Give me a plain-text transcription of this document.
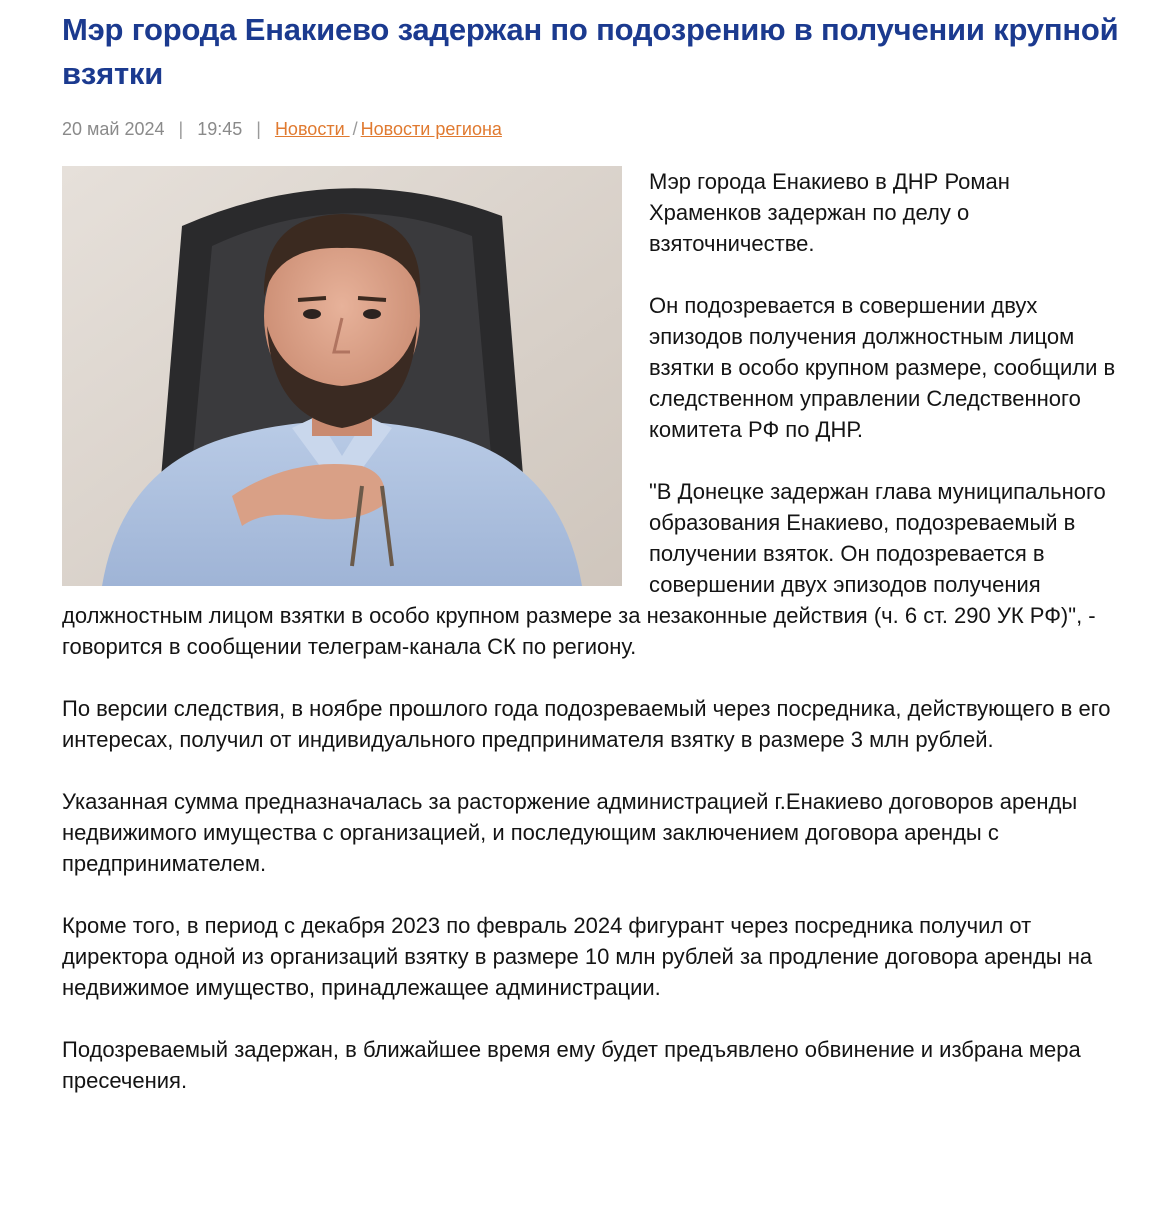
Мэр города Енакиево задержан по подозрению в получении крупной взятки
20 май 2024 | 19:45 | Новости / Новости региона

Мэр города Енакиево в ДНР Роман Храменков задержан по делу о взяточничестве.

Он подозревается в совершении двух эпизодов получения должностным лицом взятки в особо крупном размере, сообщили в следственном управлении Следственного комитета РФ по ДНР.

"В Донецке задержан глава муниципального образования Енакиево, подозреваемый в получении взяток. Он подозревается в совершении двух эпизодов получения должностным лицом взятки в особо крупном размере за незаконные действия (ч. 6 ст. 290 УК РФ)", - говорится в сообщении телеграм-канала СК по региону.

По версии следствия, в ноябре прошлого года подозреваемый через посредника, действующего в его интересах, получил от индивидуального предпринимателя взятку в размере 3 млн рублей.

Указанная сумма предназначалась за расторжение администрацией г.Енакиево договоров аренды недвижимого имущества с организацией, и последующим заключением договора аренды с предпринимателем.

Кроме того, в период с декабря 2023 по февраль 2024 фигурант через посредника получил от директора одной из организаций взятку в размере 10 млн рублей за продление договора аренды на недвижимое имущество, принадлежащее администрации.

Подозреваемый задержан, в ближайшее время ему будет предъявлено обвинение и избрана мера пресечения.
